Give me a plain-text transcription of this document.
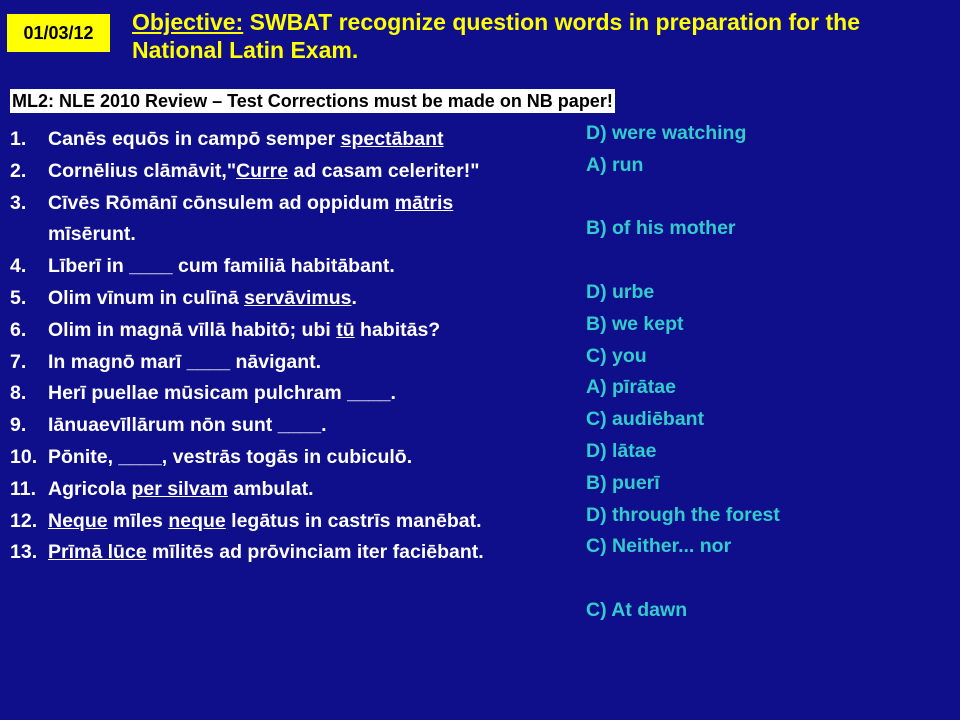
01/03/12 Objective: SWBAT recognize question words in preparation for the National Latin Exam.
ML2: NLE 2010 Review – Test Corrections must be made on NB paper!
1.	Canēs equōs in campō semper spectābant
2.	Cornēlius clāmāvit,"Curre ad casam celeriter!"
3.	Cīvēs Rōmānī cōnsulem ad oppidum mātris mīsērunt.
4.	Līberī in ____ cum familiā habitābant.
5.	Olim vīnum in culīnā servāvimus.
6.	Olim in magnā vīllā habitō; ubi tū habitās?
7.	In magnō marī ____ nāvigant.
8.	Herī puellae mūsicam pulchram ____.
9.	Iānuaevīllārum nōn sunt ____.
10. Pōnite, ____, vestrās togās in cubiculō.
11. Agricola per silvam ambulat.
12. Neque mīles neque legātus in castrīs manēbat.
13. Prīmā lūce mīlitēs ad prōvinciam iter faciēbant.
D) were watching
A) run
B) of his mother
D) urbe
B) we kept
C) you
A) pīrātae
C) audiēbant
D) lātae
B) puerī
D) through the forest
C) Neither... nor
C) At dawn
